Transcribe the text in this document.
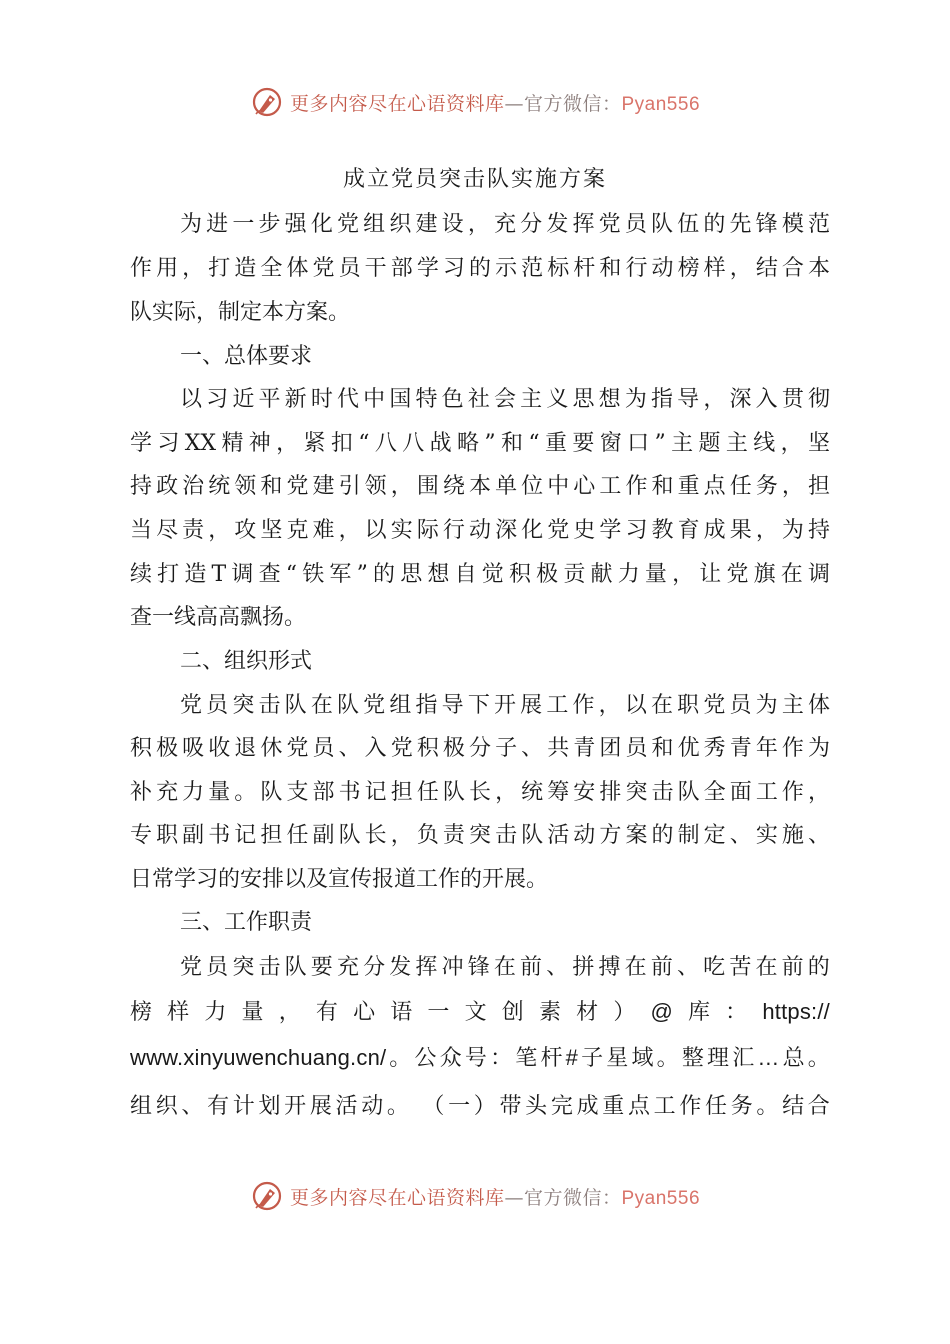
更多内容尽在心语资料库—官方微信：Pyan556
成立党员突击队实施方案
为进一步强化党组织建设，充分发挥党员队伍的先锋模范
作用，打造全体党员干部学习的示范标杆和行动榜样，结合本
队实际，制定本方案。
一、总体要求
以习近平新时代中国特色社会主义思想为指导，深入贯彻
学习XX精神，紧扣“八八战略”和“重要窗口”主题主线，坚
持政治统领和党建引领，围绕本单位中心工作和重点任务，担
当尽责，攻坚克难，以实际行动深化党史学习教育成果，为持
续打造T调查“铁军”的思想自觉积极贡献力量，让党旗在调
查一线高高飘扬。
二、组织形式
党员突击队在队党组指导下开展工作，以在职党员为主体
积极吸收退休党员、入党积极分子、共青团员和优秀青年作为
补充力量。队支部书记担任队长，统筹安排突击队全面工作，
专职副书记担任副队长，负责突击队活动方案的制定、实施、
日常学习的安排以及宣传报道工作的开展。
三、工作职责
党员突击队要充分发挥冲锋在前、拼搏在前、吃苦在前的
榜样力量，有心语一文创素材）@库：https://
www.xinyuwenchuang.cn/。公众号：笔杆#子星域。整理汇…总。
组织、有计划开展活动。 （一）带头完成重点工作任务。结合
更多内容尽在心语资料库—官方微信：Pyan556
